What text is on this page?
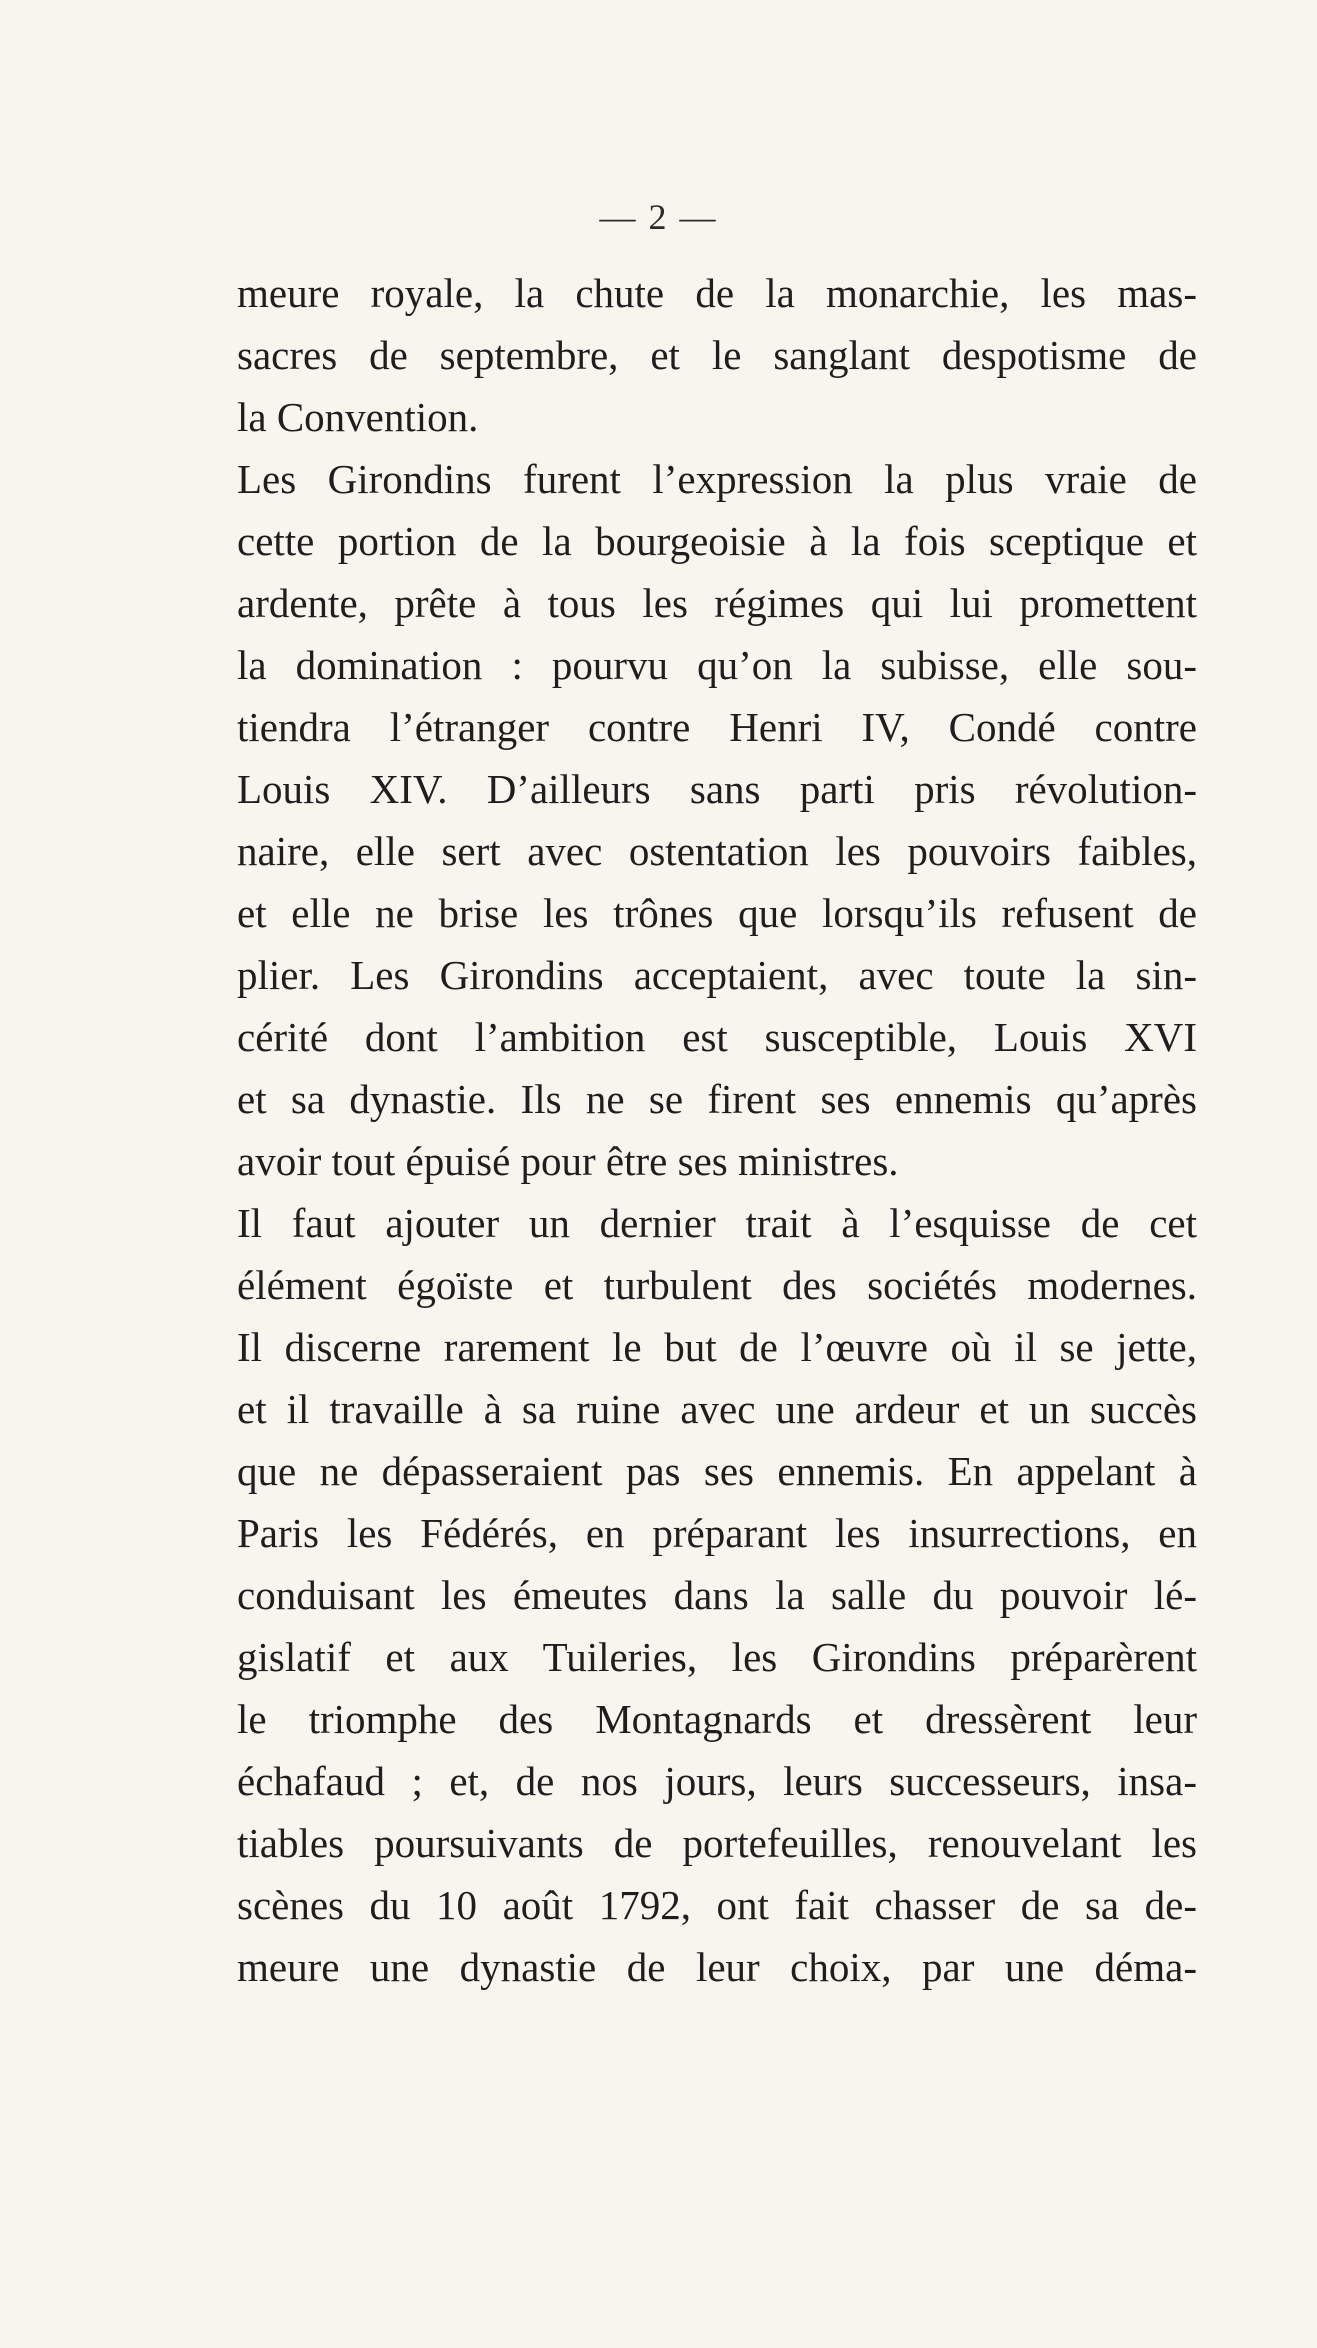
— 2 —
meure royale, la chute de la monarchie, les mas-
sacres de septembre, et le sanglant despotisme de
la Convention.
Les Girondins furent l’expression la plus vraie de
cette portion de la bourgeoisie à la fois sceptique et
ardente, prête à tous les régimes qui lui promettent
la domination : pourvu qu’on la subisse, elle sou-
tiendra l’étranger contre Henri IV, Condé contre
Louis XIV. D’ailleurs sans parti pris révolution-
naire, elle sert avec ostentation les pouvoirs faibles,
et elle ne brise les trônes que lorsqu’ils refusent de
plier. Les Girondins acceptaient, avec toute la sin-
cérité dont l’ambition est susceptible, Louis XVI
et sa dynastie. Ils ne se firent ses ennemis qu’après
avoir tout épuisé pour être ses ministres.
Il faut ajouter un dernier trait à l’esquisse de cet
élément égoïste et turbulent des sociétés modernes.
Il discerne rarement le but de l’œuvre où il se jette,
et il travaille à sa ruine avec une ardeur et un succès
que ne dépasseraient pas ses ennemis. En appelant à
Paris les Fédérés, en préparant les insurrections, en
conduisant les émeutes dans la salle du pouvoir lé-
gislatif et aux Tuileries, les Girondins préparèrent
le triomphe des Montagnards et dressèrent leur
échafaud ; et, de nos jours, leurs successeurs, insa-
tiables poursuivants de portefeuilles, renouvelant les
scènes du 10 août 1792, ont fait chasser de sa de-
meure une dynastie de leur choix, par une déma-
